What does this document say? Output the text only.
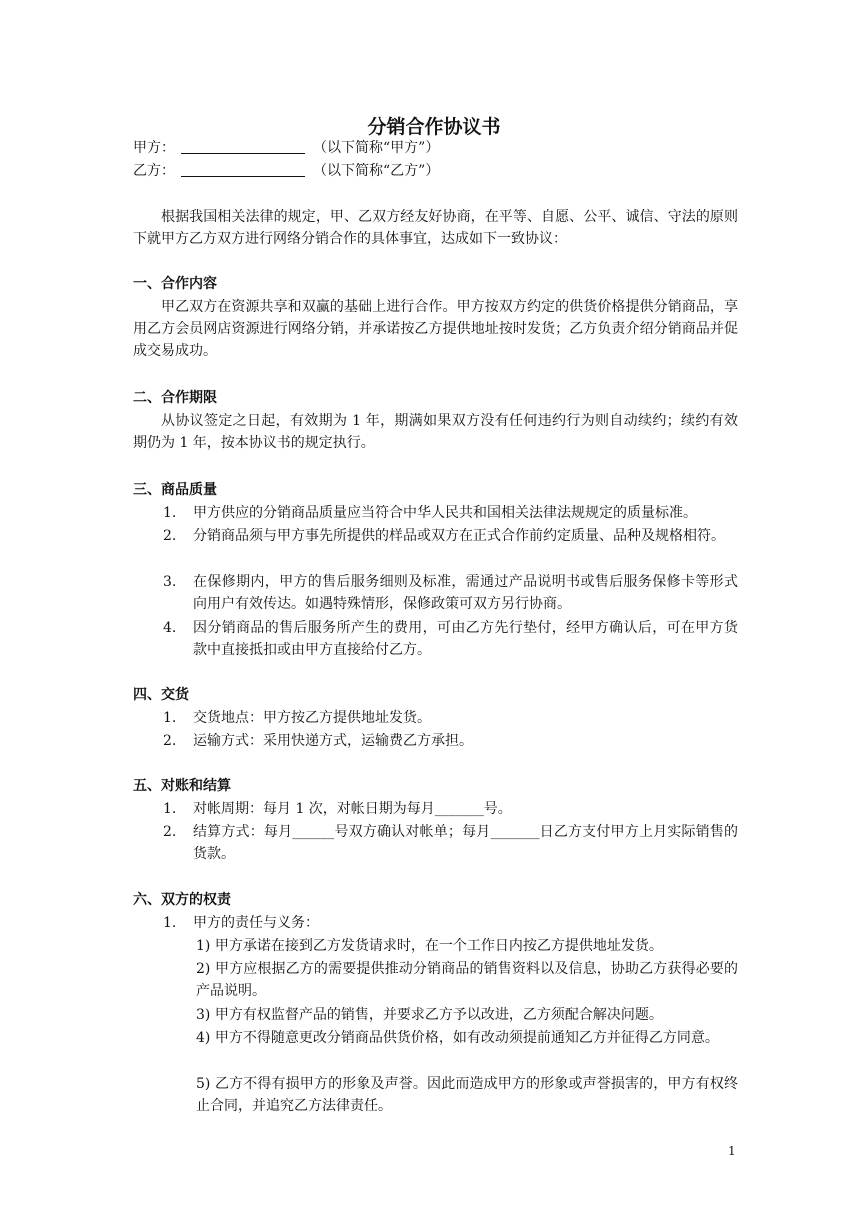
分销合作协议书
甲方：	（以下简称“甲方”）
乙方：	（以下简称“乙方”）

根据我国相关法律的规定，甲、乙双方经友好协商，在平等、自愿、公平、诚信、守法的原则下就甲方乙方双方进行网络分销合作的具体事宜，达成如下一致协议：

一、合作内容

甲乙双方在资源共享和双赢的基础上进行合作。甲方按双方约定的供货价格提供分销商品，享用乙方会员网店资源进行网络分销，并承诺按乙方提供地址按时发货；乙方负责介绍分销商品并促成交易成功。

二、合作期限

从协议签定之日起，有效期为 1 年，期满如果双方没有任何违约行为则自动续约；续约有效期仍为 1 年，按本协议书的规定执行。

三、商品质量
1. 甲方供应的分销商品质量应当符合中华人民共和国相关法律法规规定的质量标准。
2. 分销商品须与甲方事先所提供的样品或双方在正式合作前约定质量、品种及规格相符。
3. 在保修期内，甲方的售后服务细则及标准，需通过产品说明书或售后服务保修卡等形式向用户有效传达。如遇特殊情形，保修政策可双方另行协商。
4. 因分销商品的售后服务所产生的费用，可由乙方先行垫付，经甲方确认后，可在甲方货款中直接抵扣或由甲方直接给付乙方。
四、交货
1. 交货地点：甲方按乙方提供地址发货。
2. 运输方式：采用快递方式，运输费乙方承担。
五、对账和结算
1. 对帐周期：每月 1 次，对帐日期为每月_______号。
2. 结算方式：每月______号双方确认对帐单；每月_______日乙方支付甲方上月实际销售的货款。
六、双方的权责
1. 甲方的责任与义务：
1) 甲方承诺在接到乙方发货请求时，在一个工作日内按乙方提供地址发货。
2) 甲方应根据乙方的需要提供推动分销商品的销售资料以及信息，协助乙方获得必要的产品说明。
3) 甲方有权监督产品的销售，并要求乙方予以改进，乙方须配合解决问题。
4) 甲方不得随意更改分销商品供货价格，如有改动须提前通知乙方并征得乙方同意。
5) 乙方不得有损甲方的形象及声誉。因此而造成甲方的形象或声誉损害的，甲方有权终止合同，并追究乙方法律责任。
1
